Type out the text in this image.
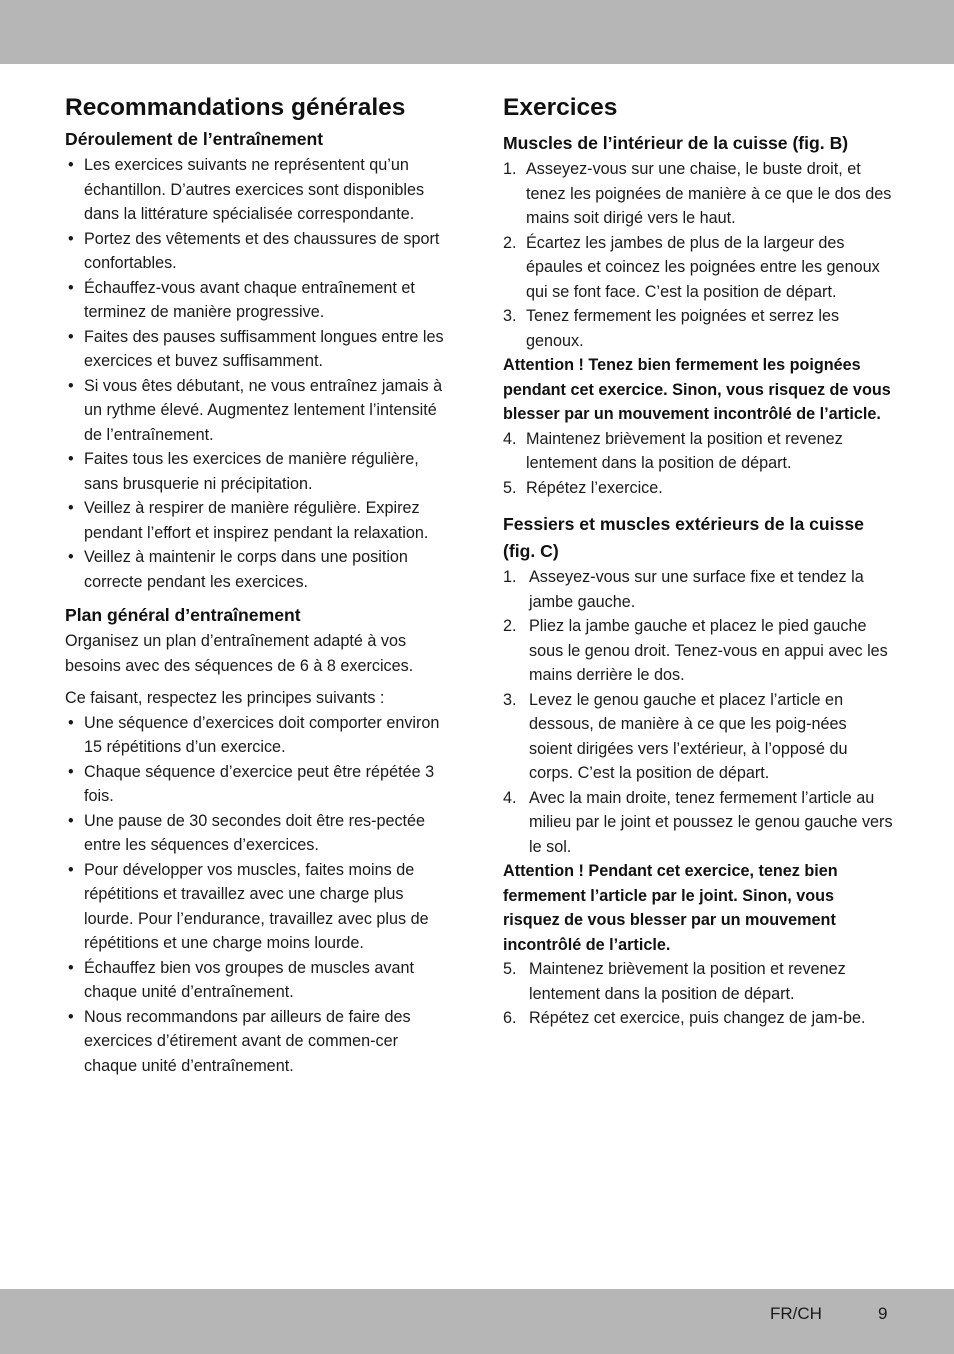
Recommandations générales
Déroulement de l’entraînement
• Les exercices suivants ne représentent qu’un échantillon. D’autres exercices sont disponibles dans la littérature spécialisée correspondante.
• Portez des vêtements et des chaussures de sport confortables.
• Échauffez-vous avant chaque entraînement et terminez de manière progressive.
• Faites des pauses suffisamment longues entre les exercices et buvez suffisamment.
• Si vous êtes débutant, ne vous entraînez jamais à un rythme élevé. Augmentez lentement l’intensité de l’entraînement.
• Faites tous les exercices de manière régulière, sans brusquerie ni précipitation.
• Veillez à respirer de manière régulière. Expirez pendant l’effort et inspirez pendant la relaxation.
• Veillez à maintenir le corps dans une position correcte pendant les exercices.
Plan général d’entraînement

Organisez un plan d’entraînement adapté à vos besoins avec des séquences de 6 à 8 exercices.

Ce faisant, respectez les principes suivants :

• Une séquence d’exercices doit comporter environ 15 répétitions d’un exercice.
• Chaque séquence d’exercice peut être répétée 3 fois.
• Une pause de 30 secondes doit être res-pectée entre les séquences d’exercices.
• Pour développer vos muscles, faites moins de répétitions et travaillez avec une charge plus lourde. Pour l’endurance, travaillez avec plus de répétitions et une charge moins lourde.
• Échauffez bien vos groupes de muscles avant chaque unité d’entraînement.
• Nous recommandons par ailleurs de faire des exercices d’étirement avant de commen-cer chaque unité d’entraînement.
Exercices
Muscles de l’intérieur de la cuisse (fig. B)
1. Asseyez-vous sur une chaise, le buste droit, et tenez les poignées de manière à ce que le dos des mains soit dirigé vers le haut.
2. Écartez les jambes de plus de la largeur des épaules et coincez les poignées entre les genoux qui se font face. C’est la position de départ.
3. Tenez fermement les poignées et serrez les genoux.

Attention ! Tenez bien fermement les poignées pendant cet exercice. Sinon, vous risquez de vous blesser par un mouvement incontrôlé de l’article.

4. Maintenez brièvement la position et revenez lentement dans la position de départ.
5. Répétez l’exercice.
Fessiers et muscles extérieurs de la cuisse (fig. C)
1. Asseyez-vous sur une surface fixe et tendez la jambe gauche.
2. Pliez la jambe gauche et placez le pied gauche sous le genou droit. Tenez-vous en appui avec les mains derrière le dos.
3. Levez le genou gauche et placez l’article en dessous, de manière à ce que les poig-nées soient dirigées vers l’extérieur, à l’opposé du corps. C’est la position de départ.
4. Avec la main droite, tenez fermement l’article au milieu par le joint et poussez le genou gauche vers le sol.

Attention ! Pendant cet exercice, tenez bien fermement l’article par le joint. Sinon, vous risquez de vous blesser par un mouvement incontrôlé de l’article.

5. Maintenez brièvement la position et revenez lentement dans la position de départ.
6. Répétez cet exercice, puis changez de jam-be.
FR/CH	9
